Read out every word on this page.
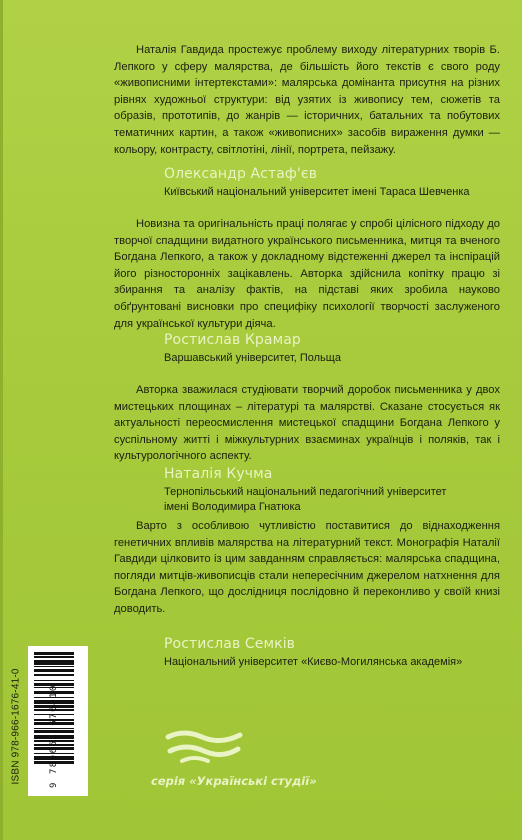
Наталія Гавдида простежує проблему виходу літературних творів Б. Лепкого у сферу малярства, де більшість його текстів є свого роду «живописними інтертекстами»: малярська домінанта присутня на різних рівнях художньої структури: від узятих із живопису тем, сюжетів та образів, прототипів, до жанрів — історичних, батальних та побутових тематичних картин, а також «живописних» засобів вираження думки — кольору, контрасту, світлотіні, лінії, портрета, пейзажу.

Олександр Астаф'єв
Київський національний університет імені Тараса Шевченка

Новизна та оригінальність праці полягає у спробі цілісного підходу до творчої спадщини видатного українського письменника, митця та вченого Богдана Лепкого, а також у докладному відстеженні джерел та інспірацій його різносторонніх зацікавлень. Авторка здійснила копітку працю зі збирання та аналізу фактів, на підставі яких зробила науково обґрунтовані висновки про специфіку психології творчості заслуженого для української культури діяча.

Ростислав Крамар
Варшавський університет, Польща

Авторка зважилася студіювати творчий доробок письменника у двох мистецьких площинах – літературі та малярстві. Сказане стосується як актуальності переосмислення мистецької спадщини Богдана Лепкого у суспільному житті і міжкультурних взаєминах українців і поляків, так і культурологічного аспекту.

Наталія Кучма
Тернопільський національний педагогічний університет
імені Володимира Гнатюка

Варто з особливою чутливістю поставитися до віднаходження генетичних впливів малярства на літературний текст. Монографія Наталії Гавдиди цілковито із цим завданням справляється: малярська спадщина, погляди митців-живописців стали непересічним джерелом натхнення для Богдана Лепкого, що дослідниця послідовно й переконливо у своїй книзі доводить.

Ростислав Семків
Національний університет «Києво-Могилянська академія»
ISBN 978-966-1676-41-0	9 789661 676410	серія «Українські студії»
